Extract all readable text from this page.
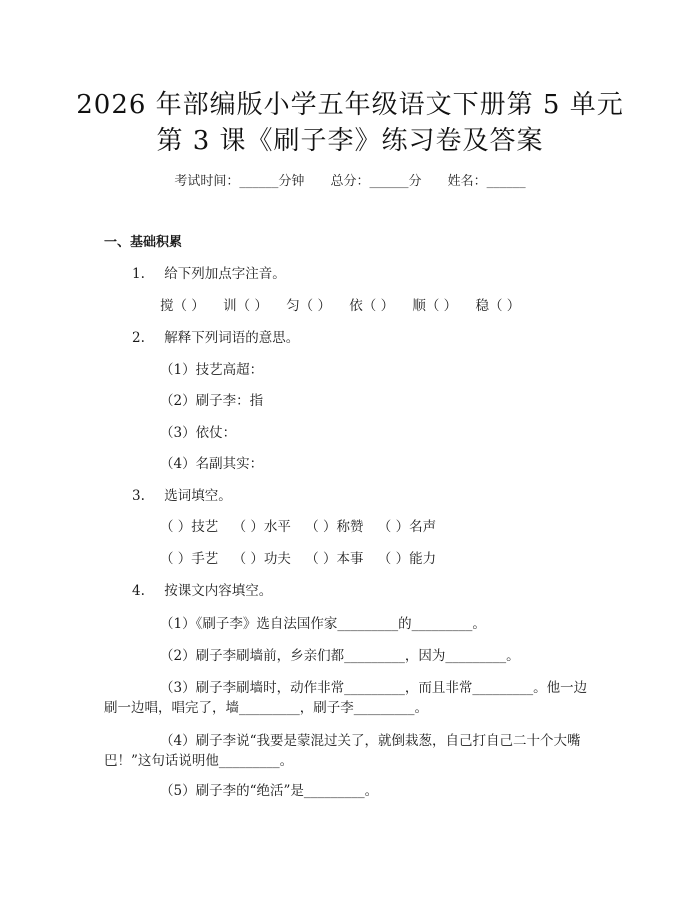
2026 年部编版小学五年级语文下册第 5 单元
第 3 课《刷子李》练习卷及答案
考试时间：______分钟 总分：______分 姓名：______
一、基础积累
1. 给下列加点字注音。
搅（ ） 训（ ） 匀（ ） 依（ ） 顺（ ） 稳（ ）
2. 解释下列词语的意思。
（1）技艺高超：
（2）刷子李：指
（3）依仗：
（4）名副其实：
3. 选词填空。
（ ）技艺 （ ）水平 （ ）称赞 （ ）名声
（ ）手艺 （ ）功夫 （ ）本事 （ ）能力
4. 按课文内容填空。
（1）《刷子李》选自法国作家_________的_________。
（2）刷子李刷墙前，乡亲们都_________，因为_________。
（3）刷子李刷墙时，动作非常_________，而且非常_________。他一边
刷一边唱，唱完了，墙_________，刷子李_________。
（4）刷子李说“我要是蒙混过关了，就倒栽葱，自己打自己二十个大嘴
巴！”这句话说明他_________。
（5）刷子李的“绝活”是_________。
